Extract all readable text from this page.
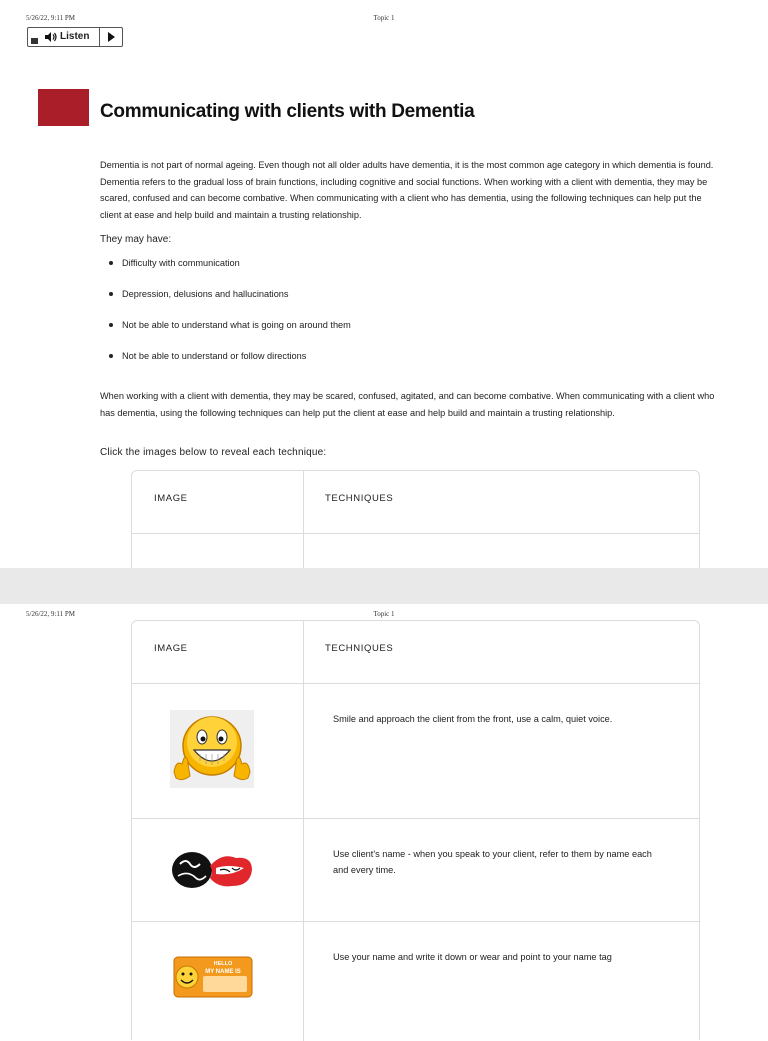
5/26/22, 9:11 PM	Topic 1
Listen
Communicating with clients with Dementia

Dementia is not part of normal ageing. Even though not all older adults have dementia, it is the most common age category in which dementia is found. Dementia refers to the gradual loss of brain functions, including cognitive and social functions. When working with a client with dementia, they may be scared, confused and can become combative. When communicating with a client who has dementia, using the following techniques can help put the client at ease and help build and maintain a trusting relationship.

They may have:
Difficulty with communication
Depression, delusions and hallucinations
Not be able to understand what is going on around them
Not be able to understand or follow directions

When working with a client with dementia, they may be scared, confused, agitated, and can become combative. When communicating with a client who has dementia, using the following techniques can help put the client at ease and help build and maintain a trusting relationship.

Click the images below to reveal each technique:
IMAGE	TECHNIQUES
5/26/22, 9:11 PM	Topic 1
IMAGE	TECHNIQUES
Smile and approach the client from the front, use a calm, quiet voice.
Use client's name - when you speak to your client, refer to them by name each and every time.
HELLO
MY NAME IS
Use your name and write it down or wear and point to your name tag
